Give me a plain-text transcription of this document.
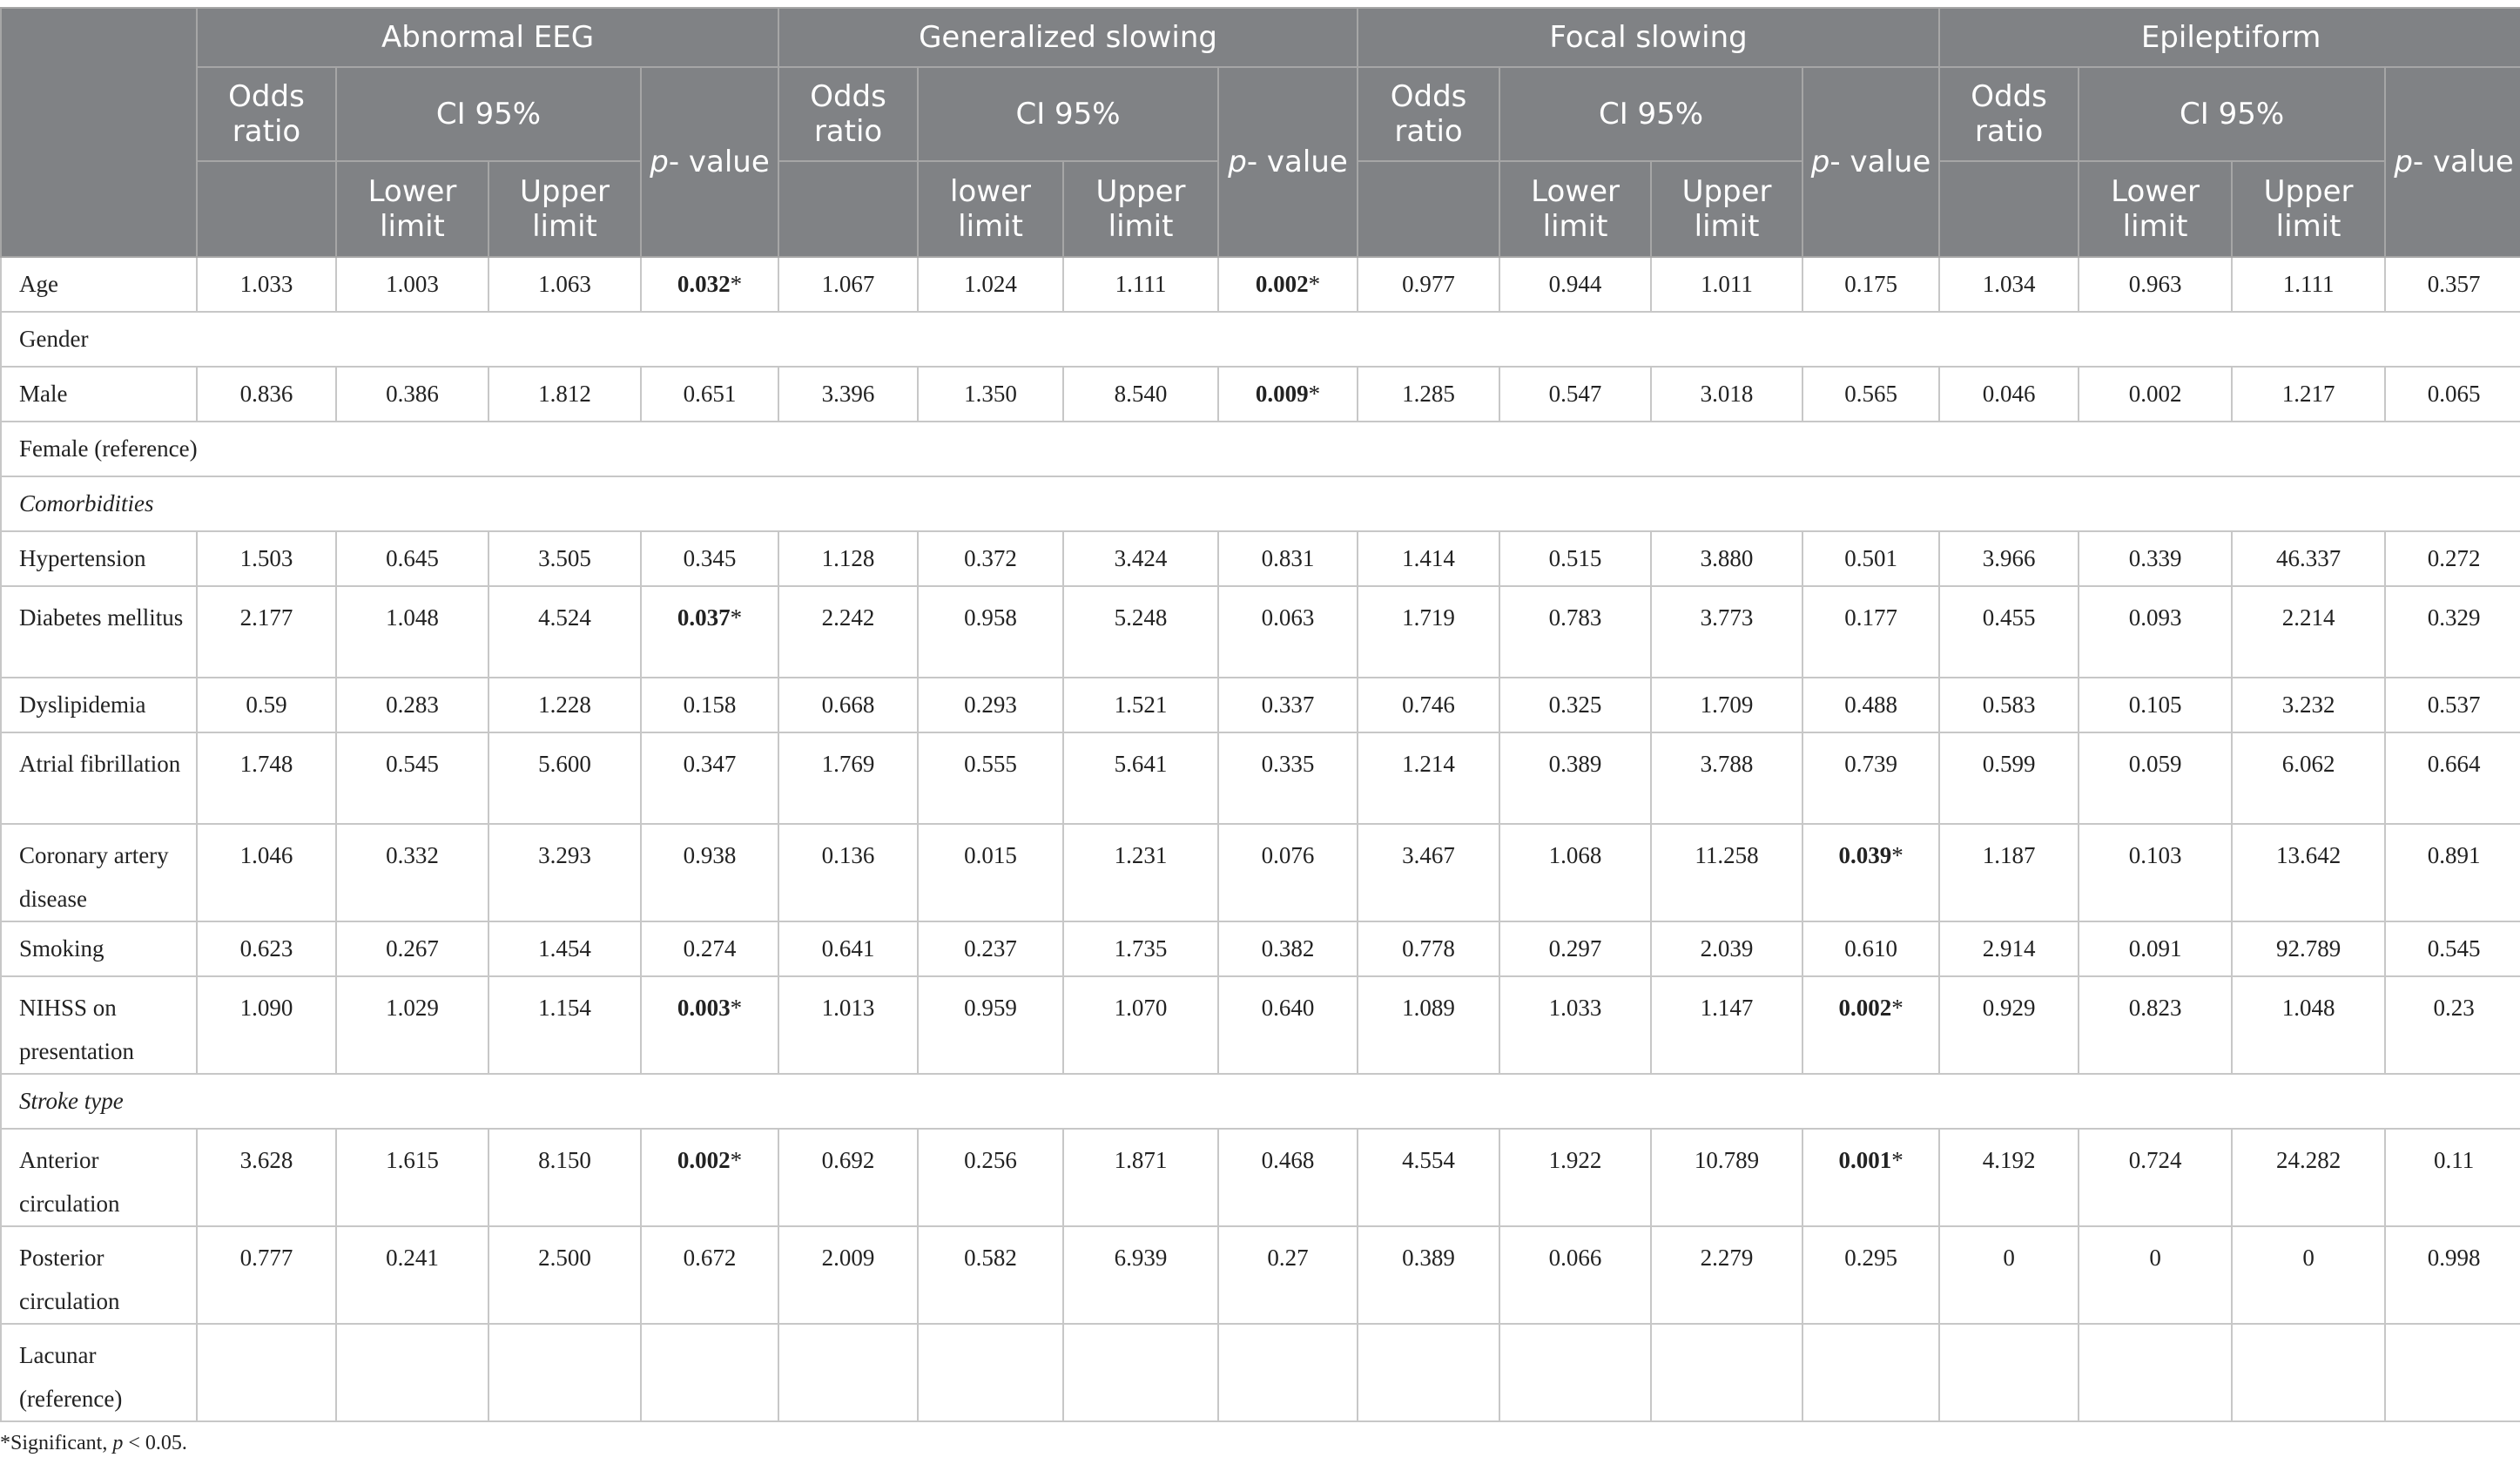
	Abnormal EEG				Generalized slowing				Focal slowing				Epileptiform			
	Odds ratio	CI 95%		p- value	Odds ratio	CI 95%		p- value	Odds ratio	CI 95%		p- value	Odds ratio	CI 95%		p- value
		Lower limit	Upper limit			lower limit	Upper limit			Lower limit	Upper limit			Lower limit	Upper limit	
Age	1.033	1.003	1.063	0.032*	1.067	1.024	1.111	0.002*	0.977	0.944	1.011	0.175	1.034	0.963	1.111	0.357
Gender																
Male	0.836	0.386	1.812	0.651	3.396	1.350	8.540	0.009*	1.285	0.547	3.018	0.565	0.046	0.002	1.217	0.065
Female (reference)																
Comorbidities																
Hypertension	1.503	0.645	3.505	0.345	1.128	0.372	3.424	0.831	1.414	0.515	3.880	0.501	3.966	0.339	46.337	0.272
Diabetes mellitus	2.177	1.048	4.524	0.037*	2.242	0.958	5.248	0.063	1.719	0.783	3.773	0.177	0.455	0.093	2.214	0.329
Dyslipidemia	0.59	0.283	1.228	0.158	0.668	0.293	1.521	0.337	0.746	0.325	1.709	0.488	0.583	0.105	3.232	0.537
Atrial fibrillation	1.748	0.545	5.600	0.347	1.769	0.555	5.641	0.335	1.214	0.389	3.788	0.739	0.599	0.059	6.062	0.664
Coronary artery disease	1.046	0.332	3.293	0.938	0.136	0.015	1.231	0.076	3.467	1.068	11.258	0.039*	1.187	0.103	13.642	0.891
Smoking	0.623	0.267	1.454	0.274	0.641	0.237	1.735	0.382	0.778	0.297	2.039	0.610	2.914	0.091	92.789	0.545
NIHSS on presentation	1.090	1.029	1.154	0.003*	1.013	0.959	1.070	0.640	1.089	1.033	1.147	0.002*	0.929	0.823	1.048	0.23
Stroke type																
Anterior circulation	3.628	1.615	8.150	0.002*	0.692	0.256	1.871	0.468	4.554	1.922	10.789	0.001*	4.192	0.724	24.282	0.11
Posterior circulation	0.777	0.241	2.500	0.672	2.009	0.582	6.939	0.27	0.389	0.066	2.279	0.295	0	0	0	0.998
Lacunar (reference)																
*Significant, p < 0.05.
